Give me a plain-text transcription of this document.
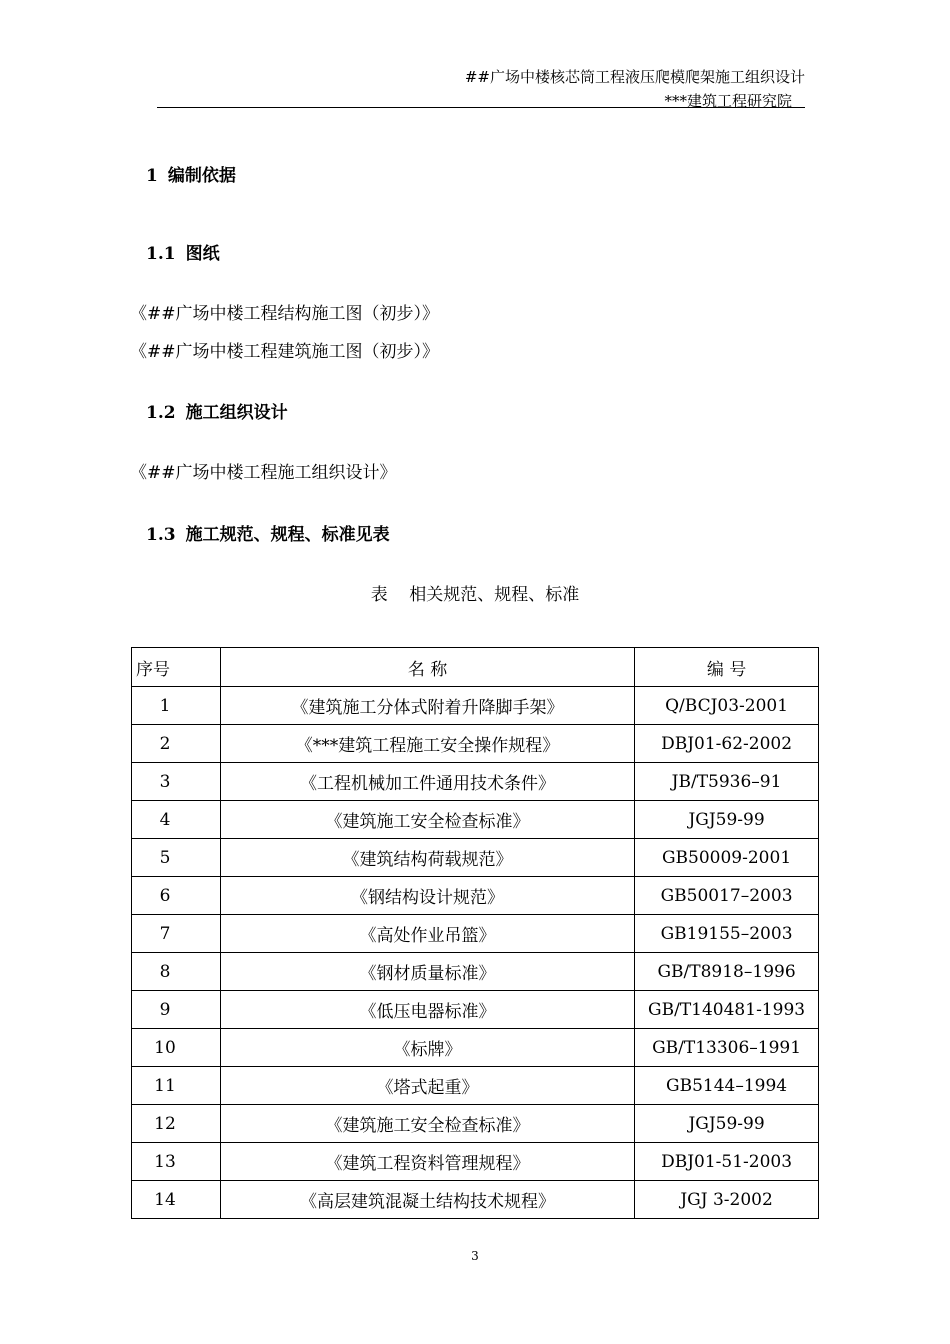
##广场中楼核芯筒工程液压爬模爬架施工组织设计
***建筑工程研究院
1 编制依据
1.1 图纸
《##广场中楼工程结构施工图（初步）》
《##广场中楼工程建筑施工图（初步）》
1.2 施工组织设计
《##广场中楼工程施工组织设计》
1.3 施工规范、规程、标准见表
表    相关规范、规程、标准
序号	名 称	编 号
1	《建筑施工分体式附着升降脚手架》	Q/BCJ03-2001
2	《***建筑工程施工安全操作规程》	DBJ01-62-2002
3	《工程机械加工件通用技术条件》	JB/T5936–91
4	《建筑施工安全检查标准》	JGJ59-99
5	《建筑结构荷载规范》	GB50009-2001
6	《钢结构设计规范》	GB50017–2003
7	《高处作业吊篮》	GB19155–2003
8	《钢材质量标准》	GB/T8918–1996
9	《低压电器标准》	GB/T140481-1993
10	《标牌》	GB/T13306–1991
11	《塔式起重》	GB5144–1994
12	《建筑施工安全检查标准》	JGJ59-99
13	《建筑工程资料管理规程》	DBJ01-51-2003
14	《高层建筑混凝土结构技术规程》	JGJ 3-2002
3
